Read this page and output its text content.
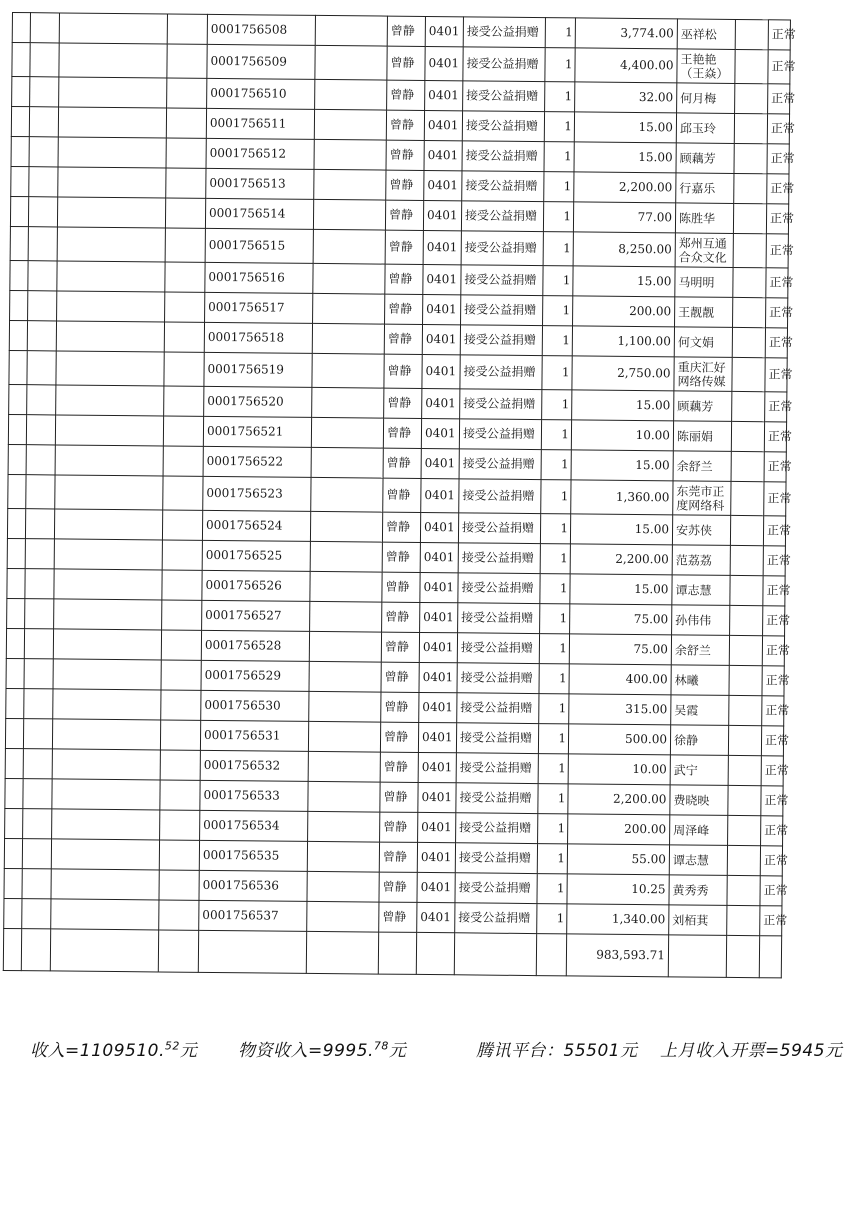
				0001756508		曾静	0401	接受公益捐赠	1	3,774.00	巫祥松		正常
				0001756509		曾静	0401	接受公益捐赠	1	4,400.00	王艳艳（王焱）		正常
				0001756510		曾静	0401	接受公益捐赠	1	32.00	何月梅		正常
				0001756511		曾静	0401	接受公益捐赠	1	15.00	邱玉玲		正常
				0001756512		曾静	0401	接受公益捐赠	1	15.00	顾藕芳		正常
				0001756513		曾静	0401	接受公益捐赠	1	2,200.00	行嘉乐		正常
				0001756514		曾静	0401	接受公益捐赠	1	77.00	陈胜华		正常
				0001756515		曾静	0401	接受公益捐赠	1	8,250.00	郑州互通合众文化		正常
				0001756516		曾静	0401	接受公益捐赠	1	15.00	马明明		正常
				0001756517		曾静	0401	接受公益捐赠	1	200.00	王靓靓		正常
				0001756518		曾静	0401	接受公益捐赠	1	1,100.00	何文娟		正常
				0001756519		曾静	0401	接受公益捐赠	1	2,750.00	重庆汇好网络传媒		正常
				0001756520		曾静	0401	接受公益捐赠	1	15.00	顾藕芳		正常
				0001756521		曾静	0401	接受公益捐赠	1	10.00	陈丽娟		正常
				0001756522		曾静	0401	接受公益捐赠	1	15.00	余舒兰		正常
				0001756523		曾静	0401	接受公益捐赠	1	1,360.00	东莞市正度网络科		正常
				0001756524		曾静	0401	接受公益捐赠	1	15.00	安苏侠		正常
				0001756525		曾静	0401	接受公益捐赠	1	2,200.00	范荔荔		正常
				0001756526		曾静	0401	接受公益捐赠	1	15.00	谭志慧		正常
				0001756527		曾静	0401	接受公益捐赠	1	75.00	孙伟伟		正常
				0001756528		曾静	0401	接受公益捐赠	1	75.00	余舒兰		正常
				0001756529		曾静	0401	接受公益捐赠	1	400.00	林曦		正常
				0001756530		曾静	0401	接受公益捐赠	1	315.00	吴霞		正常
				0001756531		曾静	0401	接受公益捐赠	1	500.00	徐静		正常
				0001756532		曾静	0401	接受公益捐赠	1	10.00	武宁		正常
				0001756533		曾静	0401	接受公益捐赠	1	2,200.00	费晓映		正常
				0001756534		曾静	0401	接受公益捐赠	1	200.00	周泽峰		正常
				0001756535		曾静	0401	接受公益捐赠	1	55.00	谭志慧		正常
				0001756536		曾静	0401	接受公益捐赠	1	10.25	黄秀秀		正常
				0001756537		曾静	0401	接受公益捐赠	1	1,340.00	刘栢萁		正常
										983,593.71			
收入=1109510.52元 物资收入=9995.78元	腾讯平台：55501元 上月收入开票=5945元
